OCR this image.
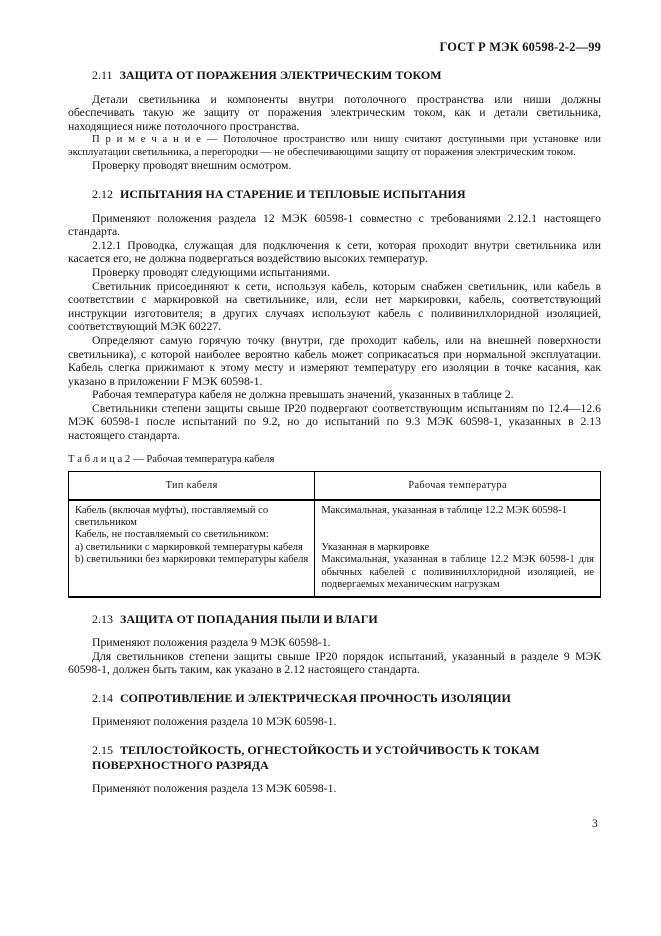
ГОСТ Р МЭК 60598-2-2—99
2.11 ЗАЩИТА ОТ ПОРАЖЕНИЯ ЭЛЕКТРИЧЕСКИМ ТОКОМ

Детали светильника и компоненты внутри потолочного пространства или ниши должны обеспечивать такую же защиту от поражения электрическим током, как и детали светильника, находящиеся ниже потолочного пространства.

П р и м е ч а н и е — Потолочное пространство или нишу считают доступными при установке или эксплуатации светильника, а перегородки — не обеспечивающими защиту от поражения электрическим током.

Проверку проводят внешним осмотром.

2.12 ИСПЫТАНИЯ НА СТАРЕНИЕ И ТЕПЛОВЫЕ ИСПЫТАНИЯ

Применяют положения раздела 12 МЭК 60598-1 совместно с требованиями 2.12.1 настоящего стандарта.

2.12.1 Проводка, служащая для подключения к сети, которая проходит внутри светильника или касается его, не должна подвергаться воздействию высоких температур.

Проверку проводят следующими испытаниями.

Светильник присоединяют к сети, используя кабель, которым снабжен светильник, или кабель в соответствии с маркировкой на светильнике, или, если нет маркировки, кабель, соответствующий инструкции изготовителя; в других случаях используют кабель с поливинилхлоридной изоляцией, соответствующий МЭК 60227.

Определяют самую горячую точку (внутри, где проходит кабель, или на внешней поверхности светильника), с которой наиболее вероятно кабель может соприкасаться при нормальной эксплуатации. Кабель слегка прижимают к этому месту и измеряют температуру его изоляции в точке касания, как указано в приложении F МЭК 60598-1.

Рабочая температура кабеля не должна превышать значений, указанных в таблице 2.

Светильники степени защиты свыше IP20 подвергают соответствующим испытаниям по 12.4—12.6 МЭК 60598-1 после испытаний по 9.2, но до испытаний по 9.3 МЭК 60598-1, указанных в 2.13 настоящего стандарта.

Т а б л и ц а 2 — Рабочая температура кабеля

Тип кабеля	Рабочая температура
Кабель (включая муфты), поставляемый со светильником	Максимальная, указанная в таблице 12.2 МЭК 60598-1
Кабель, не поставляемый со светильником:	
a) светильники с маркировкой температуры кабеля	Указанная в маркировке
b) светильники без маркировки температуры кабеля	Максимальная, указанная в таблице 12.2 МЭК 60598-1 для обычных кабелей с поливинилхлоридной изоляцией, не подвергаемых механическим нагрузкам
2.13 ЗАЩИТА ОТ ПОПАДАНИЯ ПЫЛИ И ВЛАГИ

Применяют положения раздела 9 МЭК 60598-1.

Для светильников степени защиты свыше IP20 порядок испытаний, указанный в разделе 9 МЭК 60598-1, должен быть таким, как указано в 2.12 настоящего стандарта.

2.14 СОПРОТИВЛЕНИЕ И ЭЛЕКТРИЧЕСКАЯ ПРОЧНОСТЬ ИЗОЛЯЦИИ

Применяют положения раздела 10 МЭК 60598-1.

2.15 ТЕПЛОСТОЙКОСТЬ, ОГНЕСТОЙКОСТЬ И УСТОЙЧИВОСТЬ К ТОКАМ ПОВЕРХНОСТНОГО РАЗРЯДА

Применяют положения раздела 13 МЭК 60598-1.

3
